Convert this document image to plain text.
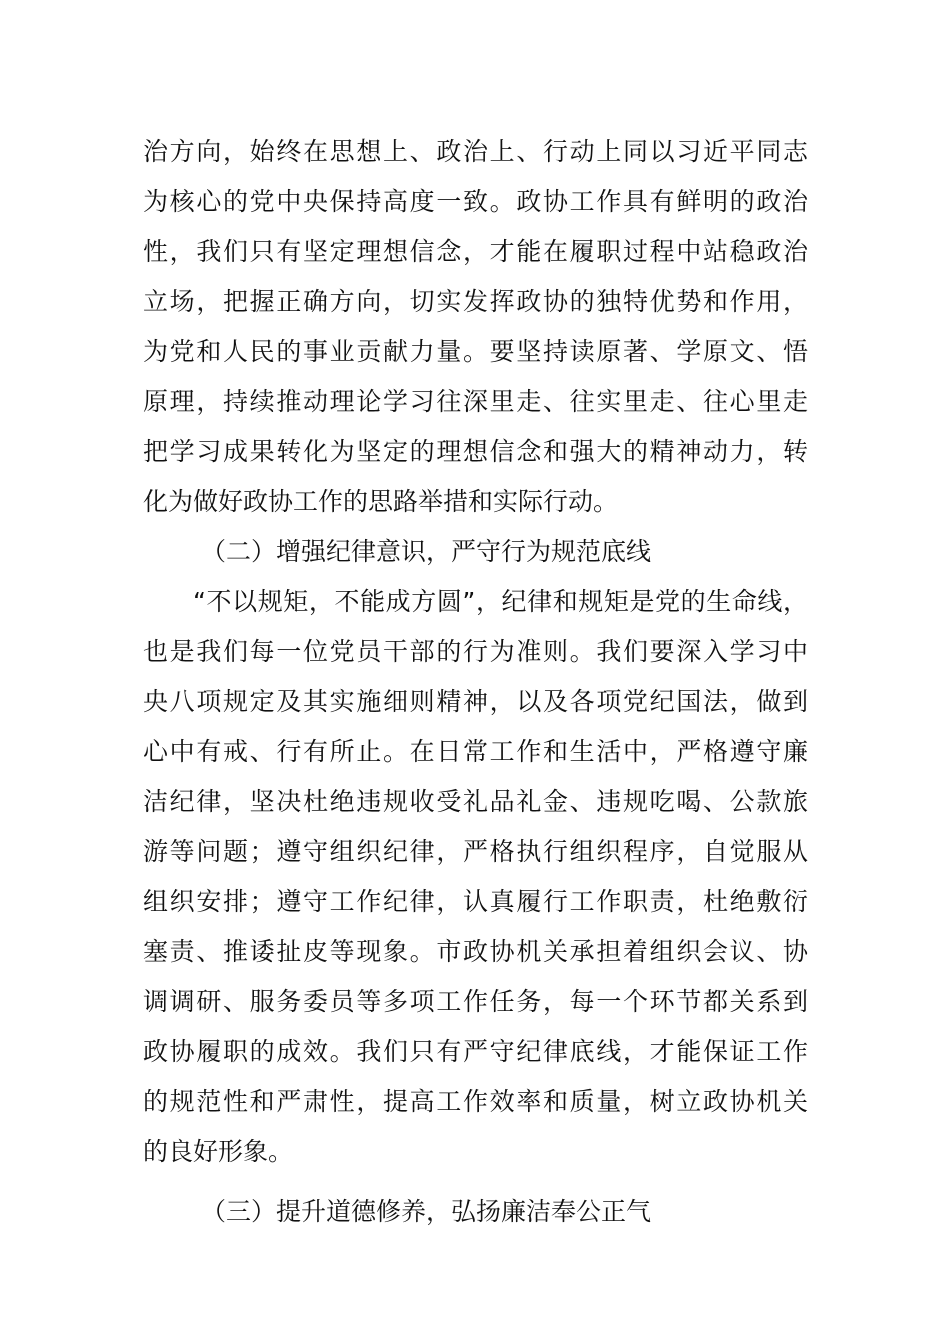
治方向，始终在思想上、政治上、行动上同以习近平同志
为核心的党中央保持高度一致。政协工作具有鲜明的政治
性，我们只有坚定理想信念，才能在履职过程中站稳政治
立场，把握正确方向，切实发挥政协的独特优势和作用，
为党和人民的事业贡献力量。要坚持读原著、学原文、悟
原理，持续推动理论学习往深里走、往实里走、往心里走
把学习成果转化为坚定的理想信念和强大的精神动力，转
化为做好政协工作的思路举措和实际行动。
（二）增强纪律意识，严守行为规范底线
“不以规矩，不能成方圆”，纪律和规矩是党的生命线，
也是我们每一位党员干部的行为准则。我们要深入学习中
央八项规定及其实施细则精神，以及各项党纪国法，做到
心中有戒、行有所止。在日常工作和生活中，严格遵守廉
洁纪律，坚决杜绝违规收受礼品礼金、违规吃喝、公款旅
游等问题；遵守组织纪律，严格执行组织程序，自觉服从
组织安排；遵守工作纪律，认真履行工作职责，杜绝敷衍
塞责、推诿扯皮等现象。市政协机关承担着组织会议、协
调调研、服务委员等多项工作任务，每一个环节都关系到
政协履职的成效。我们只有严守纪律底线，才能保证工作
的规范性和严肃性，提高工作效率和质量，树立政协机关
的良好形象。
（三）提升道德修养，弘扬廉洁奉公正气
